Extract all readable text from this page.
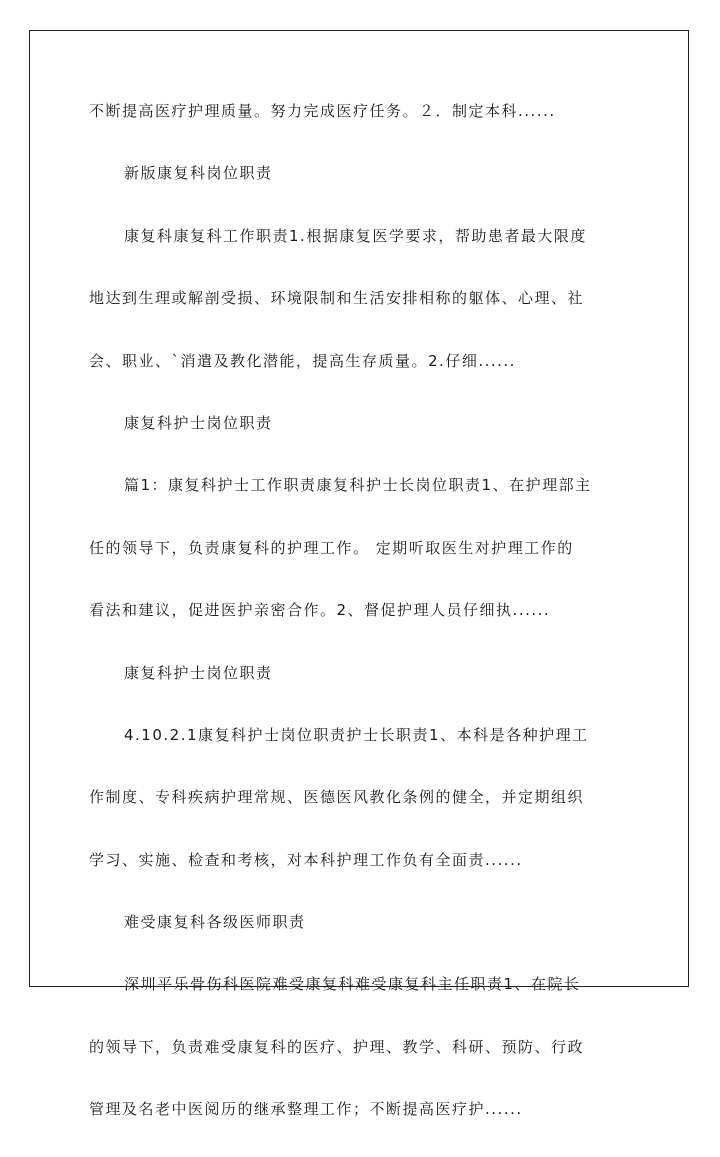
不断提高医疗护理质量。努力完成医疗任务。２．制定本科......
新版康复科岗位职责
康复科康复科工作职责1.根据康复医学要求，帮助患者最大限度
地达到生理或解剖受损、环境限制和生活安排相称的躯体、心理、社
会、职业、`消遣及教化潜能，提高生存质量。2.仔细......
康复科护士岗位职责
篇1：康复科护士工作职责康复科护士长岗位职责1、在护理部主
任的领导下，负责康复科的护理工作。 定期听取医生对护理工作的
看法和建议，促进医护亲密合作。2、督促护理人员仔细执......
康复科护士岗位职责
4.10.2.1康复科护士岗位职责护士长职责1、本科是各种护理工
作制度、专科疾病护理常规、医德医风教化条例的健全，并定期组织
学习、实施、检查和考核，对本科护理工作负有全面责......
难受康复科各级医师职责
深圳平乐骨伤科医院难受康复科难受康复科主任职责1、在院长
的领导下，负责难受康复科的医疗、护理、教学、科研、预防、行政
管理及名老中医阅历的继承整理工作；不断提高医疗护......
